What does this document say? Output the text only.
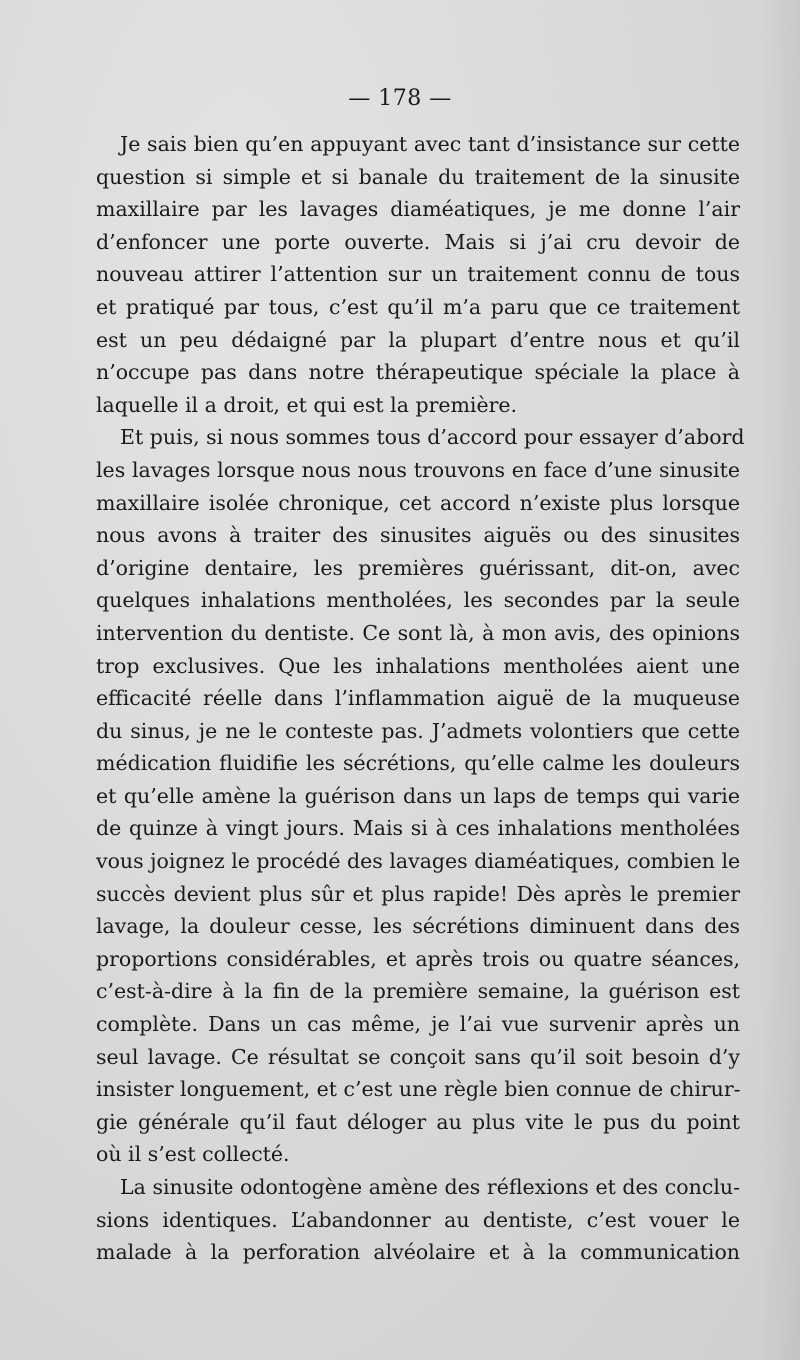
— 178 —
Je sais bien qu’en appuyant avec tant d’insistance sur cette
question si simple et si banale du traitement de la sinusite
maxillaire par les lavages diaméatiques, je me donne l’air
d’enfoncer une porte ouverte. Mais si j’ai cru devoir de
nouveau attirer l’attention sur un traitement connu de tous
et pratiqué par tous, c’est qu’il m’a paru que ce traitement
est un peu dédaigné par la plupart d’entre nous et qu’il
n’occupe pas dans notre thérapeutique spéciale la place à
laquelle il a droit, et qui est la première.
Et puis, si nous sommes tous d’accord pour essayer d’abord
les lavages lorsque nous nous trouvons en face d’une sinusite
maxillaire isolée chronique, cet accord n’existe plus lorsque
nous avons à traiter des sinusites aiguës ou des sinusites
d’origine dentaire, les premières guérissant, dit-on, avec
quelques inhalations mentholées, les secondes par la seule
intervention du dentiste. Ce sont là, à mon avis, des opinions
trop exclusives. Que les inhalations mentholées aient une
efficacité réelle dans l’inflammation aiguë de la muqueuse
du sinus, je ne le conteste pas. J’admets volontiers que cette
médication fluidifie les sécrétions, qu’elle calme les douleurs
et qu’elle amène la guérison dans un laps de temps qui varie
de quinze à vingt jours. Mais si à ces inhalations mentholées
vous joignez le procédé des lavages diaméatiques, combien le
succès devient plus sûr et plus rapide! Dès après le premier
lavage, la douleur cesse, les sécrétions diminuent dans des
proportions considérables, et après trois ou quatre séances,
c’est-à-dire à la fin de la première semaine, la guérison est
complète. Dans un cas même, je l’ai vue survenir après un
seul lavage. Ce résultat se conçoit sans qu’il soit besoin d’y
insister longuement, et c’est une règle bien connue de chirur-
gie générale qu’il faut déloger au plus vite le pus du point
où il s’est collecté.
La sinusite odontogène amène des réflexions et des conclu-
sions identiques. L’abandonner au dentiste, c’est vouer le
malade à la perforation alvéolaire et à la communication
